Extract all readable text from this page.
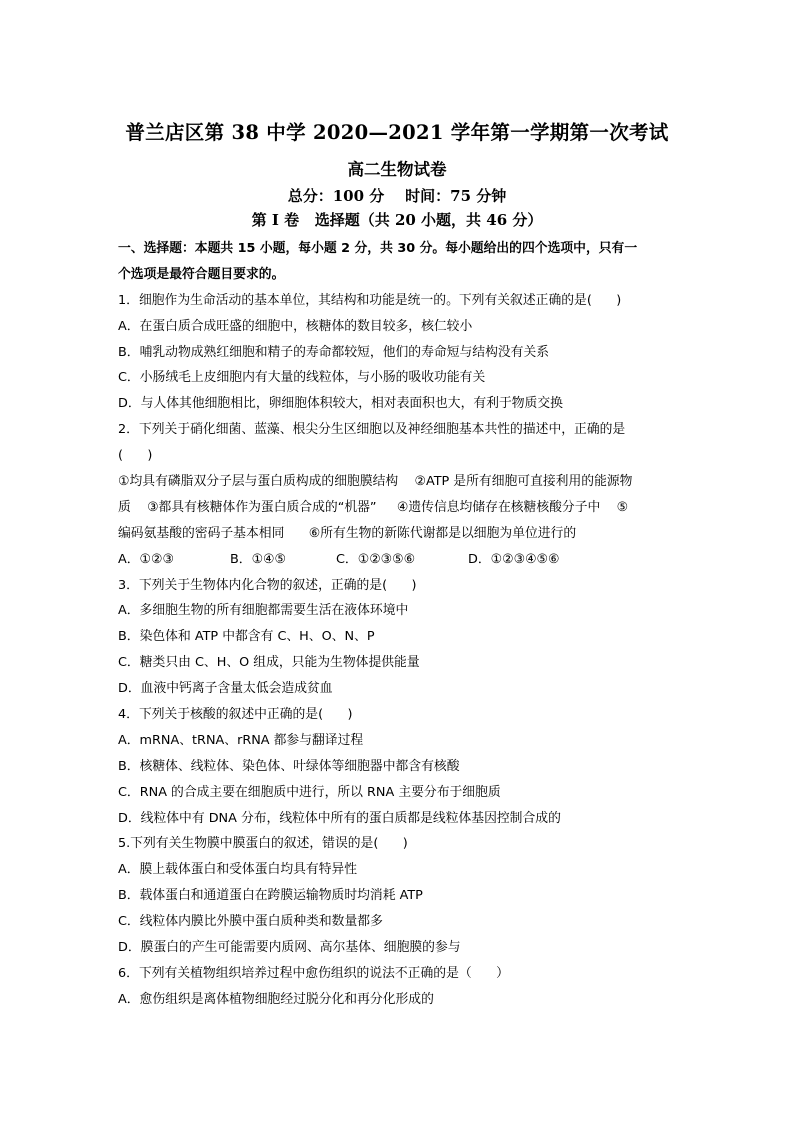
普兰店区第 38 中学 2020—2021 学年第一学期第一次考试
高二生物试卷
总分：100 分    时间：75 分钟
第 I 卷   选择题（共 20 小题，共 46 分）
一、选择题：本题共 15 小题，每小题 2 分，共 30 分。每小题给出的四个选项中，只有一
个选项是最符合题目要求的。
1．细胞作为生命活动的基本单位，其结构和功能是统一的。下列有关叙述正确的是(      )
A．在蛋白质合成旺盛的细胞中，核糖体的数目较多，核仁较小
B．哺乳动物成熟红细胞和精子的寿命都较短，他们的寿命短与结构没有关系
C．小肠绒毛上皮细胞内有大量的线粒体，与小肠的吸收功能有关
D．与人体其他细胞相比，卵细胞体积较大，相对表面积也大，有利于物质交换
2．下列关于硝化细菌、蓝藻、根尖分生区细胞以及神经细胞基本共性的描述中，正确的是
(      )
①均具有磷脂双分子层与蛋白质构成的细胞膜结构    ②ATP 是所有细胞可直接利用的能源物
质    ③都具有核糖体作为蛋白质合成的“机器”     ④遗传信息均储存在核糖核酸分子中    ⑤
编码氨基酸的密码子基本相同      ⑥所有生物的新陈代谢都是以细胞为单位进行的
A．①②③	B．①④⑤	C．①②③⑤⑥	D．①②③④⑤⑥
3．下列关于生物体内化合物的叙述，正确的是(      )
A．多细胞生物的所有细胞都需要生活在液体环境中
B．染色体和 ATP 中都含有 C、H、O、N、P
C．糖类只由 C、H、O 组成，只能为生物体提供能量
D．血液中钙离子含量太低会造成贫血
4．下列关于核酸的叙述中正确的是(      )
A．mRNA、tRNA、rRNA 都参与翻译过程
B．核糖体、线粒体、染色体、叶绿体等细胞器中都含有核酸
C．RNA 的合成主要在细胞质中进行，所以 RNA 主要分布于细胞质
D．线粒体中有 DNA 分布，线粒体中所有的蛋白质都是线粒体基因控制合成的
5.下列有关生物膜中膜蛋白的叙述，错误的是(      )
A．膜上载体蛋白和受体蛋白均具有特异性
B．载体蛋白和通道蛋白在跨膜运输物质时均消耗 ATP
C．线粒体内膜比外膜中蛋白质种类和数量都多
D．膜蛋白的产生可能需要内质网、高尔基体、细胞膜的参与
6．下列有关植物组织培养过程中愈伤组织的说法不正确的是（      ）
A．愈伤组织是离体植物细胞经过脱分化和再分化形成的
